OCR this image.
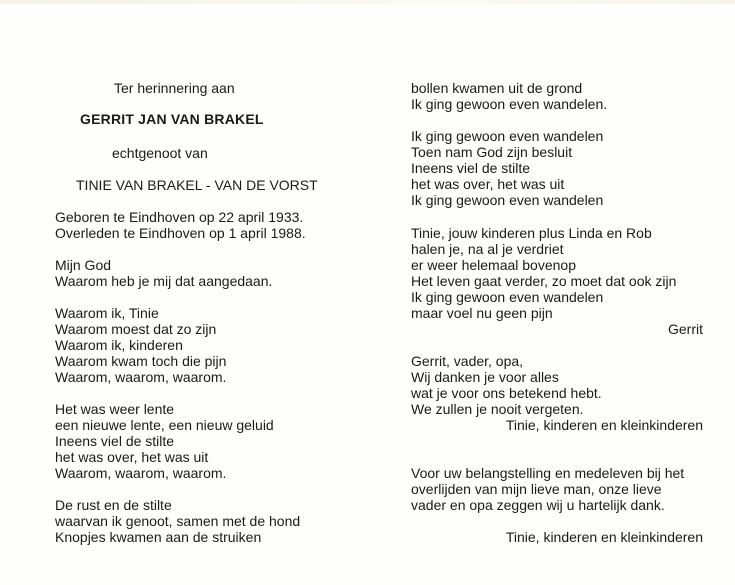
Ter herinnering aan
GERRIT JAN VAN BRAKEL
echtgenoot van
TINIE VAN BRAKEL - VAN DE VORST
Geboren te Eindhoven op 22 april 1933.
Overleden te Eindhoven op 1 april 1988.
Mijn God
Waarom heb je mij dat aangedaan.
Waarom ik, Tinie
Waarom moest dat zo zijn
Waarom ik, kinderen
Waarom kwam toch die pijn
Waarom, waarom, waarom.
Het was weer lente
een nieuwe lente, een nieuw geluid
Ineens viel de stilte
het was over, het was uit
Waarom, waarom, waarom.
De rust en de stilte
waarvan ik genoot, samen met de hond
Knopjes kwamen aan de struiken
bollen kwamen uit de grond
Ik ging gewoon even wandelen.
Ik ging gewoon even wandelen
Toen nam God zijn besluit
Ineens viel de stilte
het was over, het was uit
Ik ging gewoon even wandelen
Tinie, jouw kinderen plus Linda en Rob
halen je, na al je verdriet
er weer helemaal bovenop
Het leven gaat verder, zo moet dat ook zijn
Ik ging gewoon even wandelen
maar voel nu geen pijn
Gerrit
Gerrit, vader, opa,
Wij danken je voor alles
wat je voor ons betekend hebt.
We zullen je nooit vergeten.
Tinie, kinderen en kleinkinderen
Voor uw belangstelling en medeleven bij het
overlijden van mijn lieve man, onze lieve
vader en opa zeggen wij u hartelijk dank.
Tinie, kinderen en kleinkinderen
